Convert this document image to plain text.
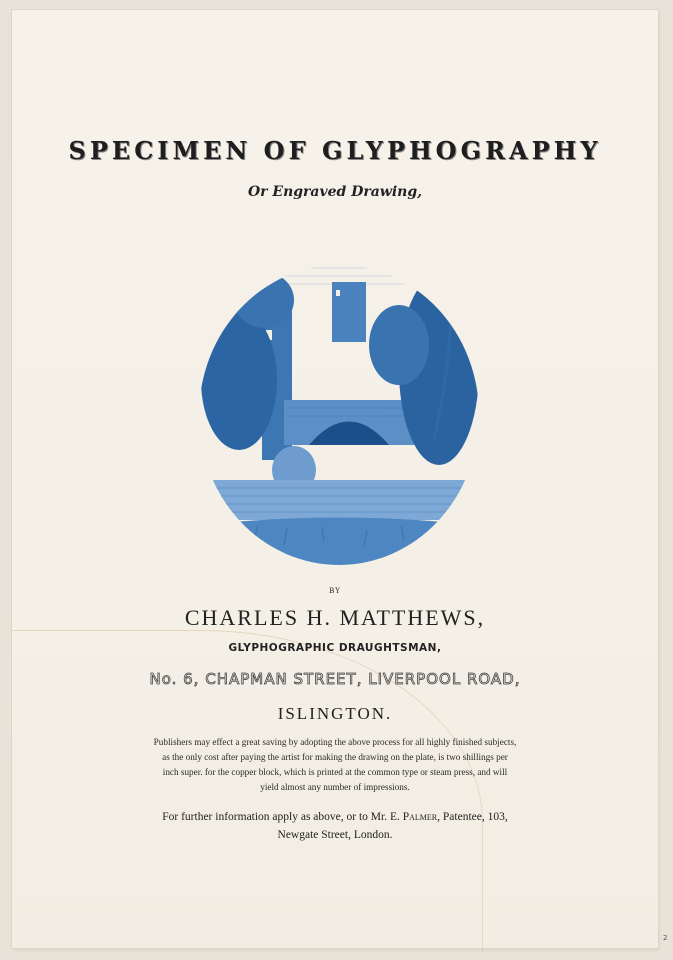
SPECIMEN OF GLYPHOGRAPHY
Or Engraved Drawing,
BY
CHARLES H. MATTHEWS,
GLYPHOGRAPHIC DRAUGHTSMAN,
No. 6, CHAPMAN STREET, LIVERPOOL ROAD,
ISLINGTON.
Publishers may effect a great saving by adopting the above process for all highly finished subjects,
as the only cost after paying the artist for making the drawing on the plate, is two shillings per
inch super. for the copper block, which is printed at the common type or steam press, and will
yield almost any number of impressions.
For further information apply as above, or to Mr. E. Palmer, Patentee, 103,
Newgate Street, London.
2
